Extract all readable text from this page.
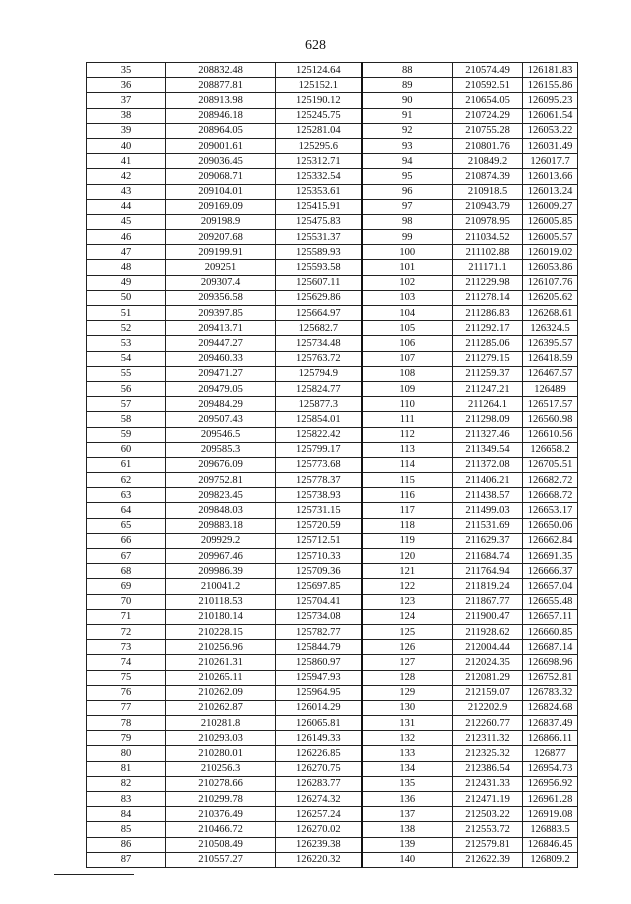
628
35	208832.48	125124.64	88	210574.49	126181.83
36	208877.81	125152.1	89	210592.51	126155.86
37	208913.98	125190.12	90	210654.05	126095.23
38	208946.18	125245.75	91	210724.29	126061.54
39	208964.05	125281.04	92	210755.28	126053.22
40	209001.61	125295.6	93	210801.76	126031.49
41	209036.45	125312.71	94	210849.2	126017.7
42	209068.71	125332.54	95	210874.39	126013.66
43	209104.01	125353.61	96	210918.5	126013.24
44	209169.09	125415.91	97	210943.79	126009.27
45	209198.9	125475.83	98	210978.95	126005.85
46	209207.68	125531.37	99	211034.52	126005.57
47	209199.91	125589.93	100	211102.88	126019.02
48	209251	125593.58	101	211171.1	126053.86
49	209307.4	125607.11	102	211229.98	126107.76
50	209356.58	125629.86	103	211278.14	126205.62
51	209397.85	125664.97	104	211286.83	126268.61
52	209413.71	125682.7	105	211292.17	126324.5
53	209447.27	125734.48	106	211285.06	126395.57
54	209460.33	125763.72	107	211279.15	126418.59
55	209471.27	125794.9	108	211259.37	126467.57
56	209479.05	125824.77	109	211247.21	126489
57	209484.29	125877.3	110	211264.1	126517.57
58	209507.43	125854.01	111	211298.09	126560.98
59	209546.5	125822.42	112	211327.46	126610.56
60	209585.3	125799.17	113	211349.54	126658.2
61	209676.09	125773.68	114	211372.08	126705.51
62	209752.81	125778.37	115	211406.21	126682.72
63	209823.45	125738.93	116	211438.57	126668.72
64	209848.03	125731.15	117	211499.03	126653.17
65	209883.18	125720.59	118	211531.69	126650.06
66	209929.2	125712.51	119	211629.37	126662.84
67	209967.46	125710.33	120	211684.74	126691.35
68	209986.39	125709.36	121	211764.94	126666.37
69	210041.2	125697.85	122	211819.24	126657.04
70	210118.53	125704.41	123	211867.77	126655.48
71	210180.14	125734.08	124	211900.47	126657.11
72	210228.15	125782.77	125	211928.62	126660.85
73	210256.96	125844.79	126	212004.44	126687.14
74	210261.31	125860.97	127	212024.35	126698.96
75	210265.11	125947.93	128	212081.29	126752.81
76	210262.09	125964.95	129	212159.07	126783.32
77	210262.87	126014.29	130	212202.9	126824.68
78	210281.8	126065.81	131	212260.77	126837.49
79	210293.03	126149.33	132	212311.32	126866.11
80	210280.01	126226.85	133	212325.32	126877
81	210256.3	126270.75	134	212386.54	126954.73
82	210278.66	126283.77	135	212431.33	126956.92
83	210299.78	126274.32	136	212471.19	126961.28
84	210376.49	126257.24	137	212503.22	126919.08
85	210466.72	126270.02	138	212553.72	126883.5
86	210508.49	126239.38	139	212579.81	126846.45
87	210557.27	126220.32	140	212622.39	126809.2
